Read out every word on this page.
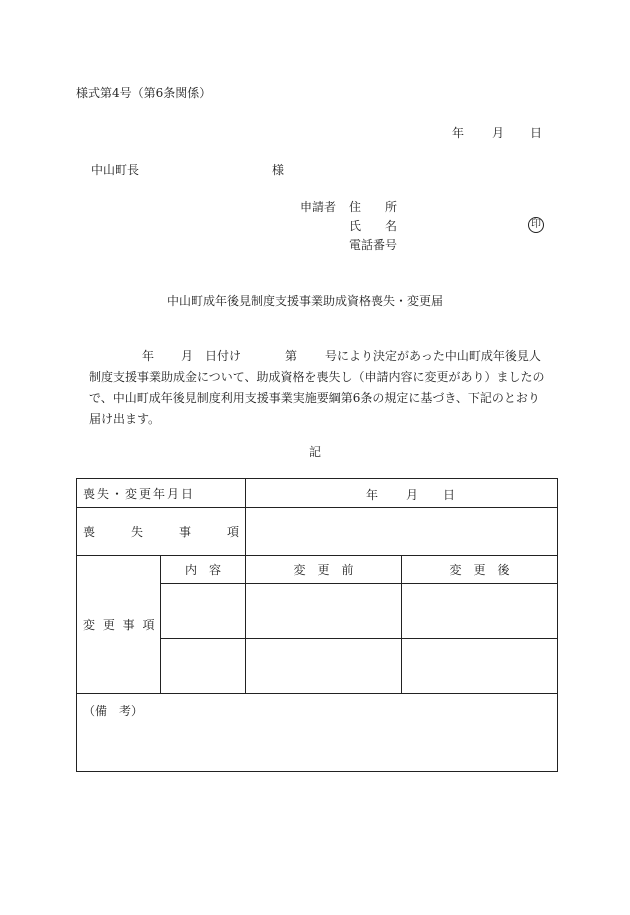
様式第4号（第6条関係）
年 月 日
中山町長	様
申請者 住　　所
氏　　名	印
電話番号
中山町成年後見制度支援事業助成資格喪失・変更届
年 月 日付け	第 号により決定があった中山町成年後見人
制度支援事業助成金について、助成資格を喪失し（申請内容に変更があり）ましたの
で、中山町成年後見制度利用支援事業実施要綱第6条の規定に基づき、下記のとおり
届け出ます。
記
喪失・変更年月日		年 月 日	

喪　　　失　　　事　　　項			
変 更 事 項	内　容	変　更　前	変　更　後

（備　考）			
